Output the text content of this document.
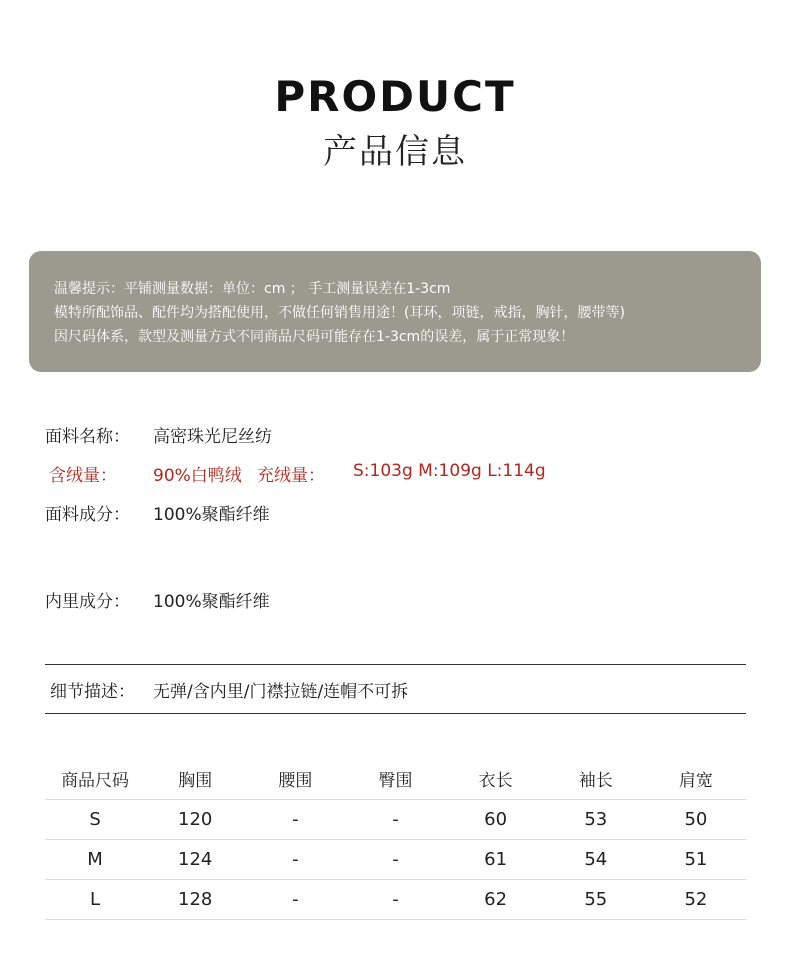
PRODUCT
产品信息
温馨提示：平铺测量数据：单位：cm ； 手工测量误差在1-3cm
模特所配饰品、配件均为搭配使用，不做任何销售用途！(耳环，项链，戒指，胸针，腰带等)
因尺码体系，款型及测量方式不同商品尺码可能存在1-3cm的误差，属于正常现象！
面料名称： 高密珠光尼丝纺
含绒量： 90%白鸭绒 充绒量： S:103g M:109g L:114g
面料成分： 100%聚酯纤维
内里成分： 100%聚酯纤维
细节描述： 无弹/含内里/门襟拉链/连帽不可拆
商品尺码	胸围	腰围	臀围	衣长	袖长	肩宽
S	120	-	-	60	53	50
M	124	-	-	61	54	51
L	128	-	-	62	55	52
